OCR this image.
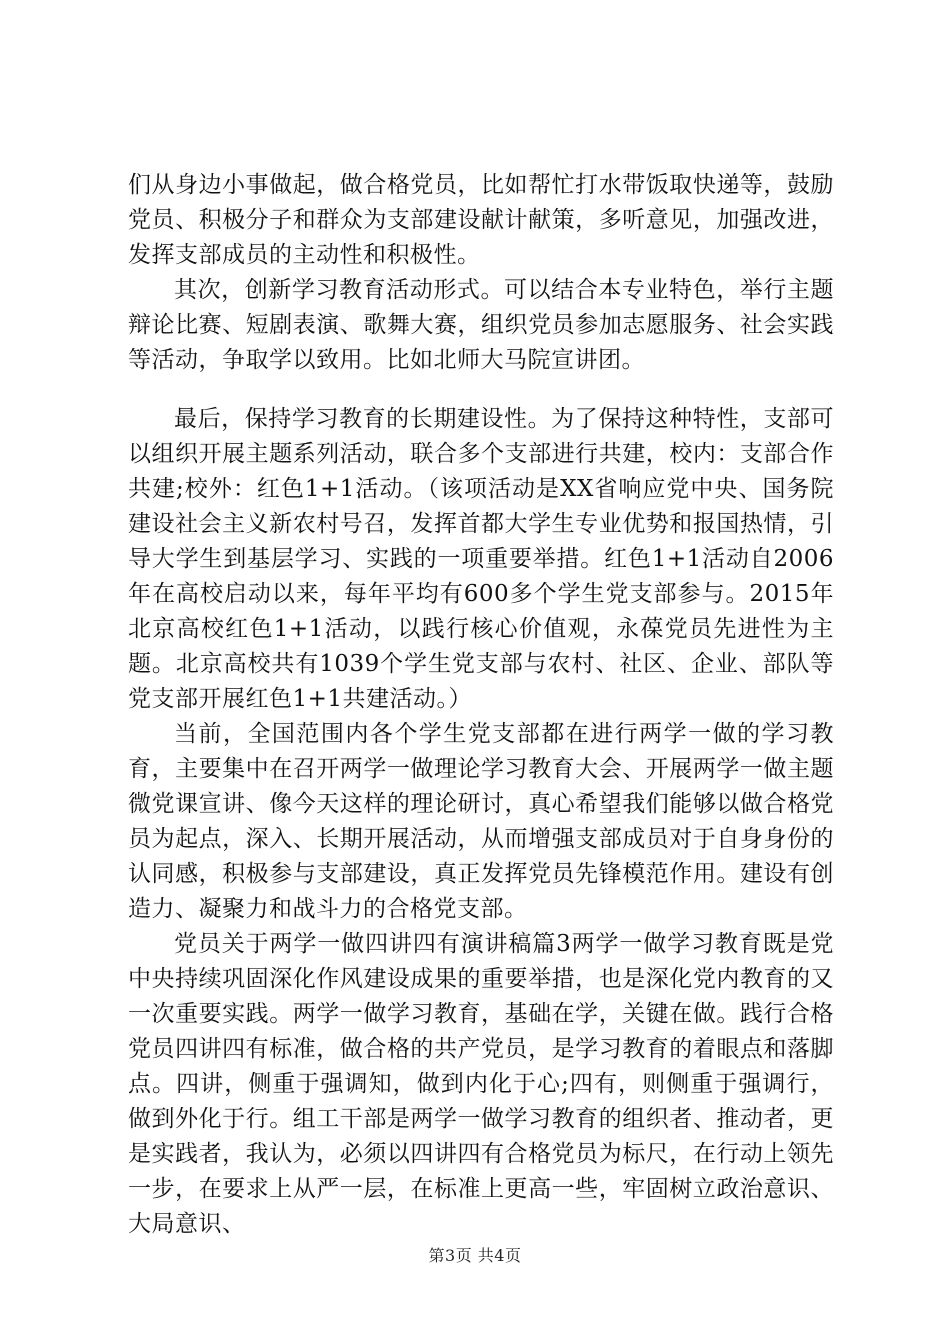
们从身边小事做起，做合格党员，比如帮忙打水带饭取快递等，鼓励党员、积极分子和群众为支部建设献计献策，多听意见，加强改进，发挥支部成员的主动性和积极性。

其次，创新学习教育活动形式。可以结合本专业特色，举行主题辩论比赛、短剧表演、歌舞大赛，组织党员参加志愿服务、社会实践等活动，争取学以致用。比如北师大马院宣讲团。

最后，保持学习教育的长期建设性。为了保持这种特性，支部可以组织开展主题系列活动，联合多个支部进行共建，校内：支部合作共建;校外：红色1+1活动。（该项活动是XX省响应党中央、国务院建设社会主义新农村号召，发挥首都大学生专业优势和报国热情，引导大学生到基层学习、实践的一项重要举措。红色1+1活动自2006年在高校启动以来，每年平均有600多个学生党支部参与。2015年北京高校红色1+1活动，以践行核心价值观，永葆党员先进性为主题。北京高校共有1039个学生党支部与农村、社区、企业、部队等党支部开展红色1+1共建活动。）

当前，全国范围内各个学生党支部都在进行两学一做的学习教育，主要集中在召开两学一做理论学习教育大会、开展两学一做主题微党课宣讲、像今天这样的理论研讨，真心希望我们能够以做合格党员为起点，深入、长期开展活动，从而增强支部成员对于自身身份的认同感，积极参与支部建设，真正发挥党员先锋模范作用。建设有创造力、凝聚力和战斗力的合格党支部。

党员关于两学一做四讲四有演讲稿篇3两学一做学习教育既是党中央持续巩固深化作风建设成果的重要举措，也是深化党内教育的又一次重要实践。两学一做学习教育，基础在学，关键在做。践行合格党员四讲四有标准，做合格的共产党员，是学习教育的着眼点和落脚点。四讲，侧重于强调知，做到内化于心;四有，则侧重于强调行，做到外化于行。组工干部是两学一做学习教育的组织者、推动者，更是实践者，我认为，必须以四讲四有合格党员为标尺，在行动上领先一步，在要求上从严一层，在标准上更高一些，牢固树立政治意识、大局意识、

第3页 共4页
